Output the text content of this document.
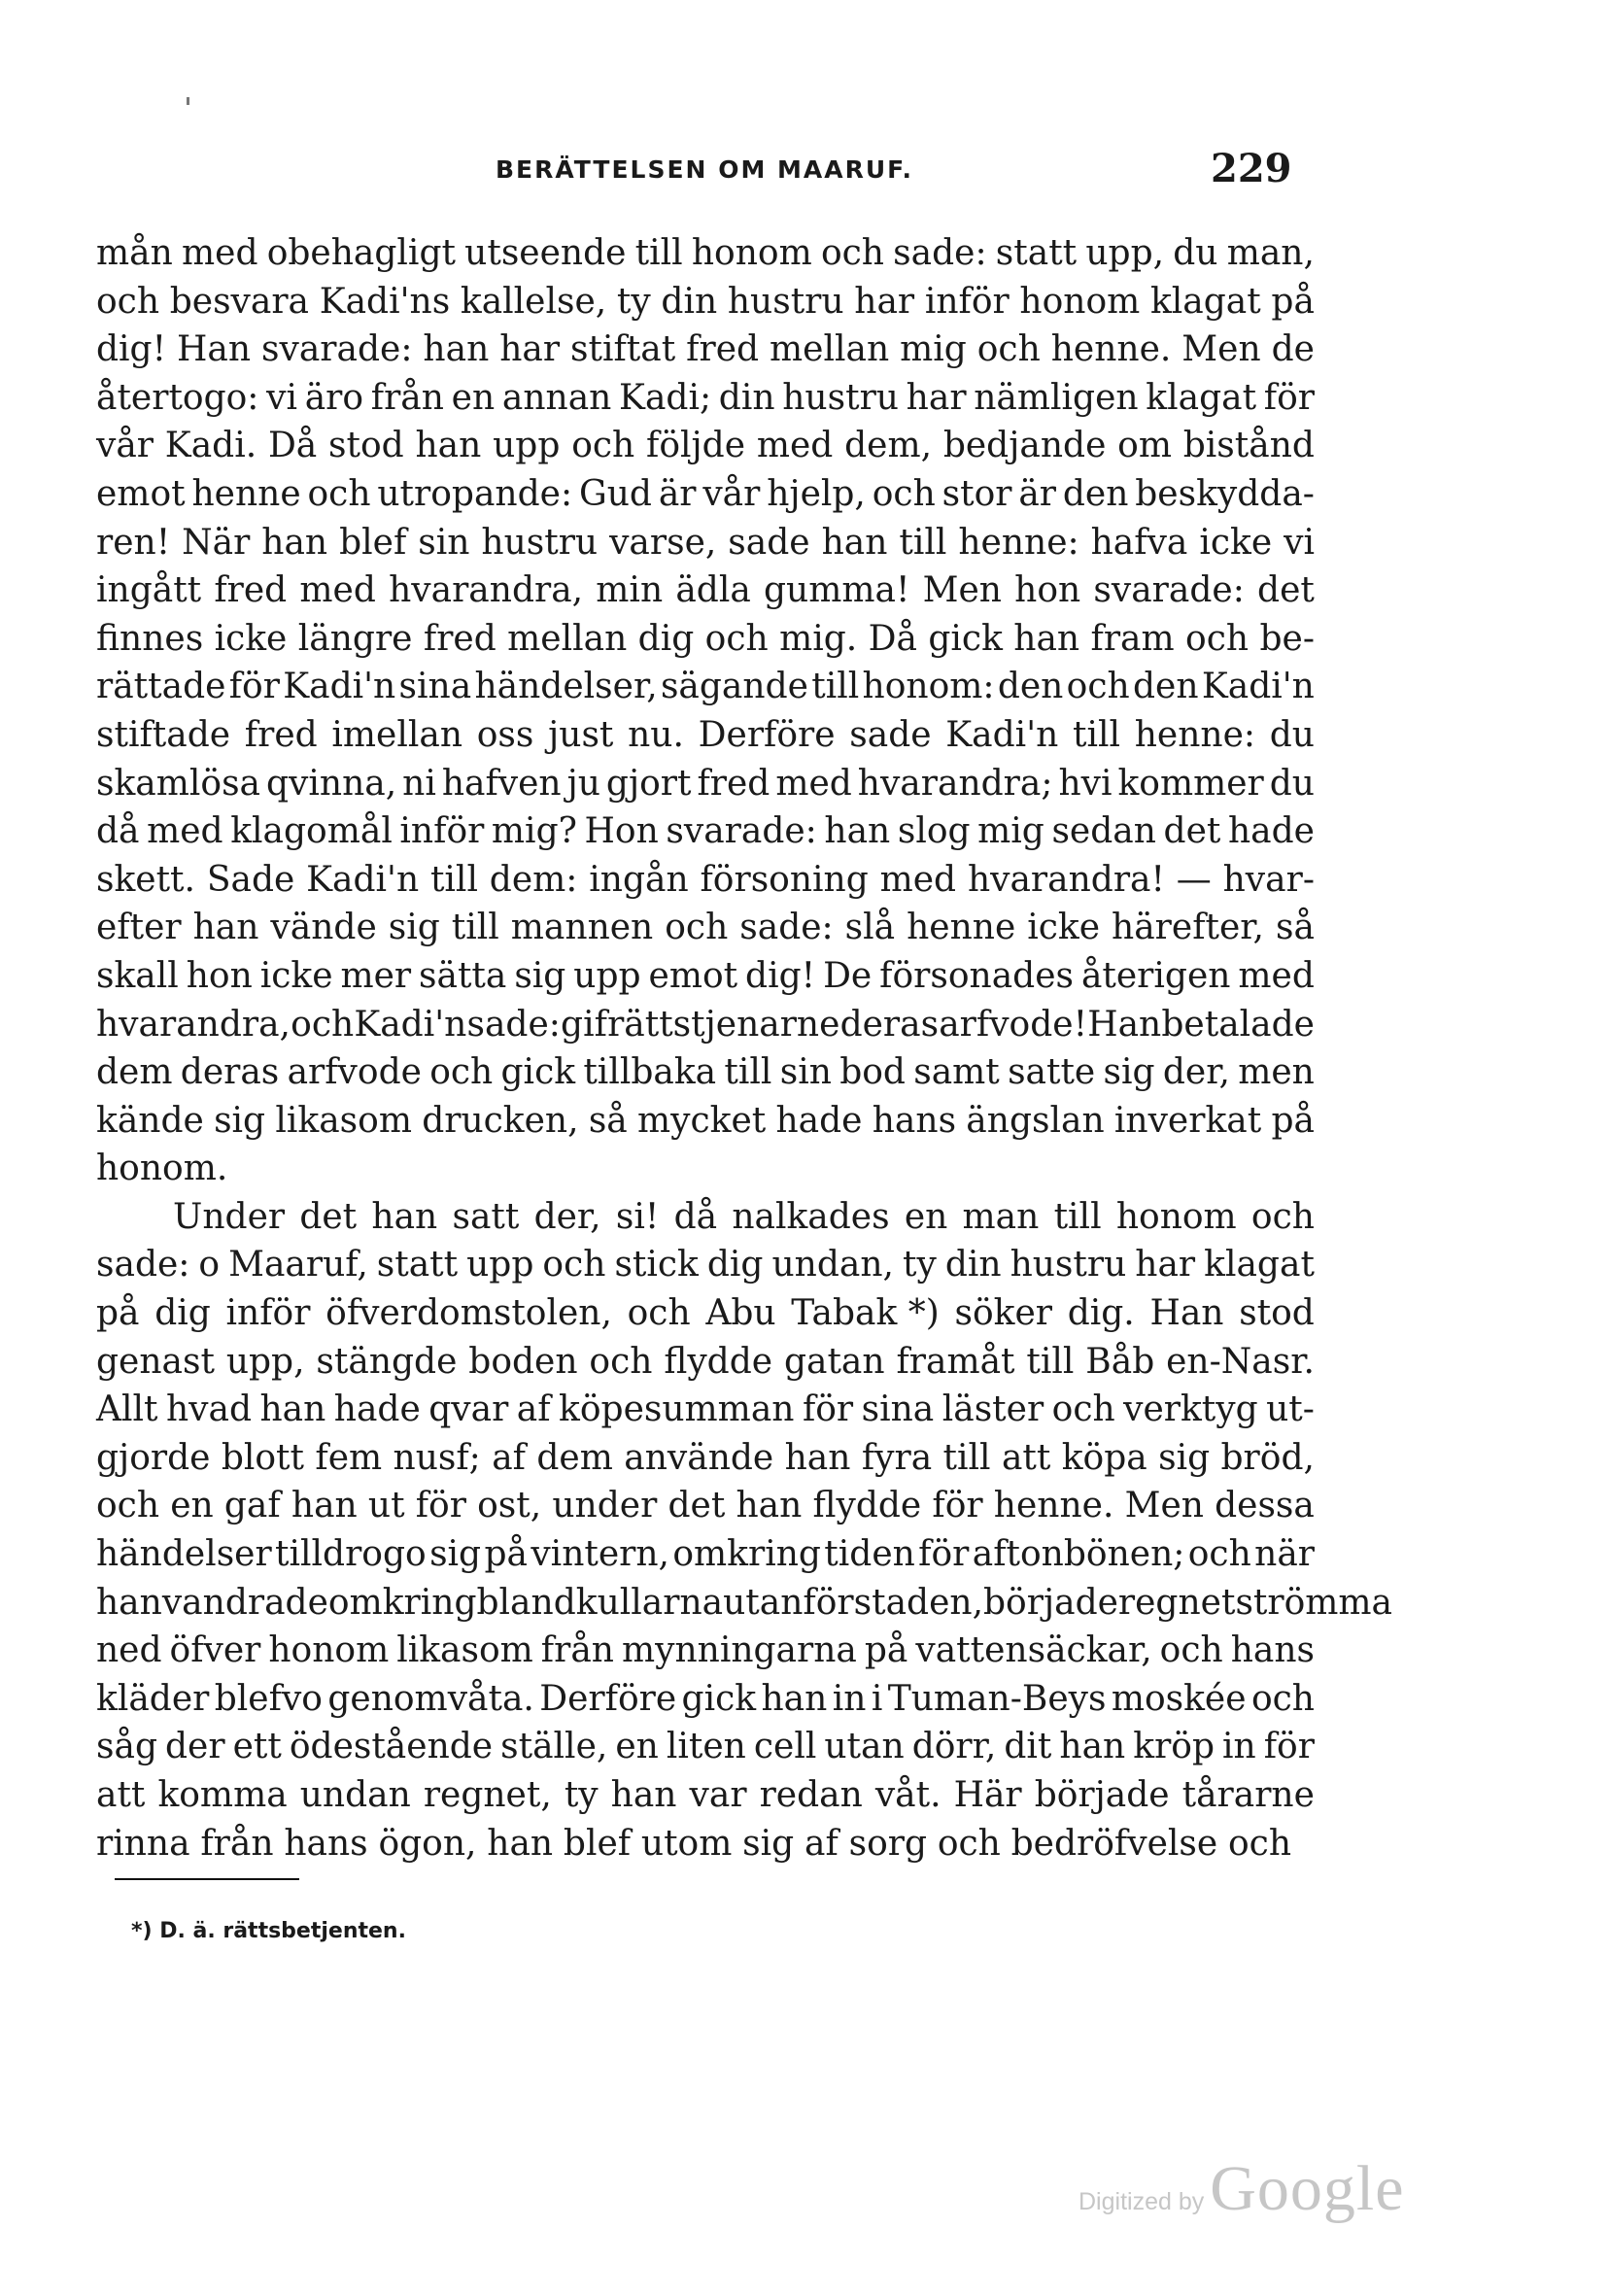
BERÄTTELSEN OM MAARUF.	229
mån med obehagligt utseende till honom och sade: statt upp, du man,
och besvara Kadi'ns kallelse, ty din hustru har inför honom klagat på
dig! Han svarade: han har stiftat fred mellan mig och henne. Men de
återtogo: vi äro från en annan Kadi; din hustru har nämligen klagat för
vår Kadi. Då stod han upp och följde med dem, bedjande om bistånd
emot henne och utropande: Gud är vår hjelp, och stor är den beskydda-
ren! När han blef sin hustru varse, sade han till henne: hafva icke vi
ingått fred med hvarandra, min ädla gumma! Men hon svarade: det
finnes icke längre fred mellan dig och mig. Då gick han fram och be-
rättade för Kadi'n sina händelser, sägande till honom: den och den Kadi'n
stiftade fred imellan oss just nu. Derföre sade Kadi'n till henne: du
skamlösa qvinna, ni hafven ju gjort fred med hvarandra; hvi kommer du
då med klagomål inför mig? Hon svarade: han slog mig sedan det hade
skett. Sade Kadi'n till dem: ingån försoning med hvarandra! — hvar-
efter han vände sig till mannen och sade: slå henne icke härefter, så
skall hon icke mer sätta sig upp emot dig! De försonades återigen med
hvarandra, och Kadi'n sade: gif rättstjenarne deras arfvode! Han betalade
dem deras arfvode och gick tillbaka till sin bod samt satte sig der, men
kände sig likasom drucken, så mycket hade hans ängslan inverkat på
honom.
Under det han satt der, si! då nalkades en man till honom och
sade: o Maaruf, statt upp och stick dig undan, ty din hustru har klagat
på dig inför öfverdomstolen, och Abu Tabak *) söker dig. Han stod
genast upp, stängde boden och flydde gatan framåt till Båb en-Nasr.
Allt hvad han hade qvar af köpesumman för sina läster och verktyg ut-
gjorde blott fem nusf; af dem använde han fyra till att köpa sig bröd,
och en gaf han ut för ost, under det han flydde för henne. Men dessa
händelser tilldrogo sig på vintern, omkring tiden för aftonbönen; och när
han vandrade omkring bland kullarna utanför staden, började regnet strömma
ned öfver honom likasom från mynningarna på vattensäckar, och hans
kläder blefvo genomvåta. Derföre gick han in i Tuman-Beys moskée och
såg der ett ödestående ställe, en liten cell utan dörr, dit han kröp in för
att komma undan regnet, ty han var redan våt. Här började tårarne
rinna från hans ögon, han blef utom sig af sorg och bedröfvelse och
*) D. ä. rättsbetjenten.
Digitized by Google
